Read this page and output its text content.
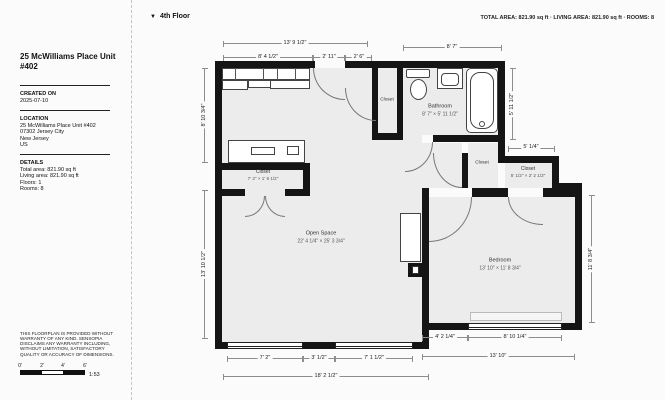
25 McWilliams Place Unit #402
CREATED ON
2025-07-10
LOCATION
25 McWilliams Place Unit #402
07302 Jersey City
New Jersey
US
DETAILS
Total area: 821.90 sq ft
Living area: 821.90 sq ft
Floors: 1
Rooms: 8
THIS FLOORPLAN IS PROVIDED WITHOUT WARRANTY OF ANY KIND. SENSOPIA DISCLAIMS ANY WARRANTY INCLUDING, WITHOUT LIMITATION, SATISFACTORY QUALITY OR ACCURACY OF DIMENSIONS.
0'	2'	4'	6'
1:53
▼ 4th Floor	TOTAL AREA: 821.90 sq ft · LIVING AREA: 821.90 sq ft · ROOMS: 8
13' 9 1/2"
8' 4 1/2"	2' 11"	2' 6"
8' 7"
8' 10 3/4"
13' 10 1/2"
5' 11 1/2"
5' 1/4"
11' 8 3/4"
4' 2 1/4"	8' 10 1/4"
13' 10"
7' 2"	3' 1/2"	7' 1 1/2"
18' 2 1/2"
Open Space
22' 4 1/4" × 25' 3 3/4"
Bedroom
13' 10" × 11' 8 3/4"
Bathroom
8' 7" × 5' 11 1/2"
Closet
Closet
Closet
7' 2" × 1' 9 1/2"
Closet
5' 1/2" × 2' 2 1/2"
